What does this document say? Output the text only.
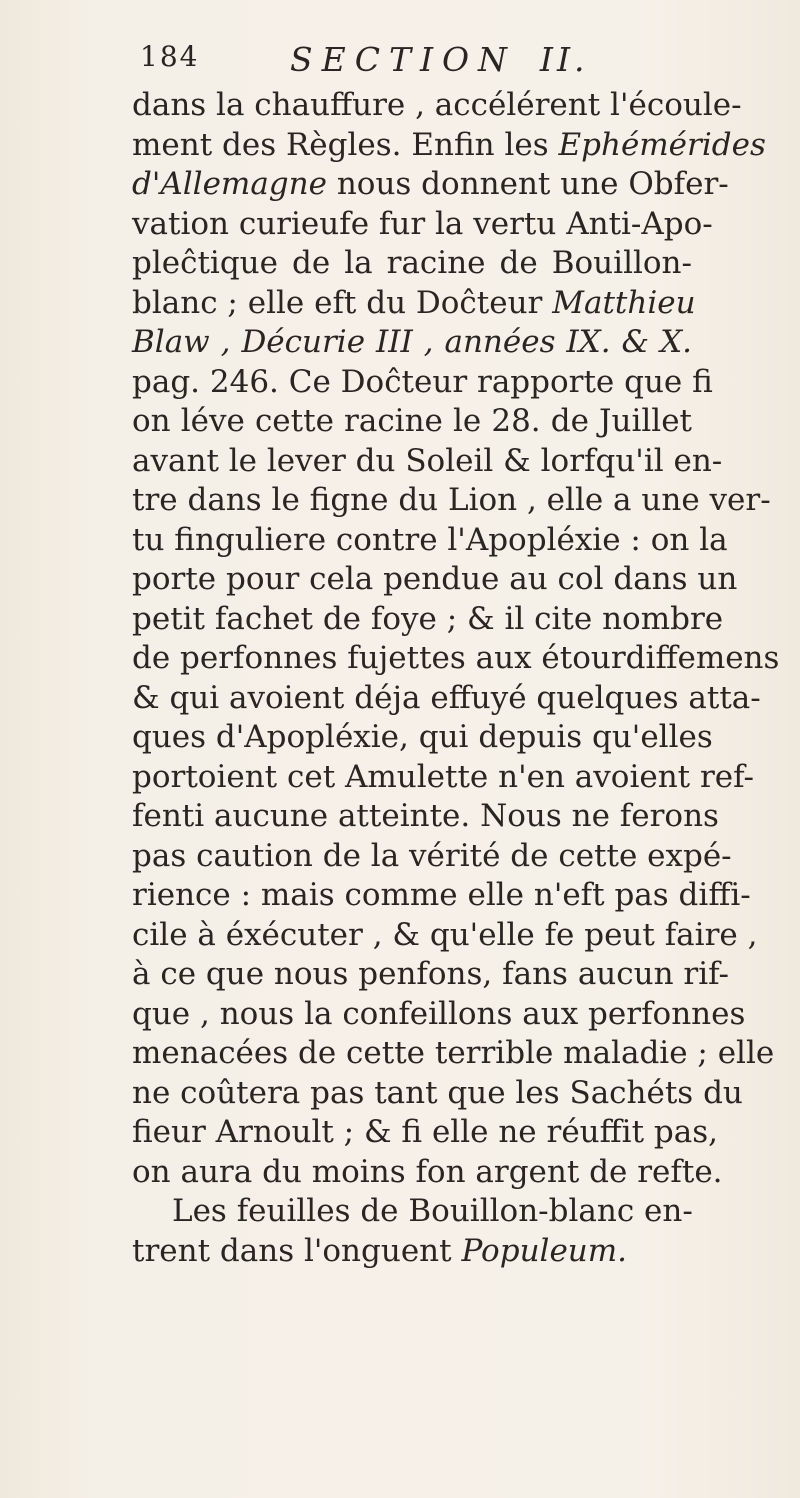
184	SECTION II.
dans la chauffure , accélérent l'écoule-
ment des Règles. Enfin les Ephémérides
d'Allemagne nous donnent une Obfer-
vation curieufe fur la vertu Anti-Apo-
pleĉtique de la racine de Bouillon-
blanc ; elle eft du Doĉteur Matthieu
Blaw , Décurie III , années IX. & X.
pag. 246. Ce Doĉteur rapporte que fi
on léve cette racine le 28. de Juillet
avant le lever du Soleil & lorfqu'il en-
tre dans le figne du Lion , elle a une ver-
tu finguliere contre l'Apopléxie : on la
porte pour cela pendue au col dans un
petit fachet de foye ; & il cite nombre
de perfonnes fujettes aux étourdiffemens
& qui avoient déja effuyé quelques atta-
ques d'Apopléxie, qui depuis qu'elles
portoient cet Amulette n'en avoient ref-
fenti aucune atteinte. Nous ne ferons
pas caution de la vérité de cette expé-
rience : mais comme elle n'eft pas diffi-
cile à éxécuter , & qu'elle fe peut faire ,
à ce que nous penfons, fans aucun rif-
que , nous la confeillons aux perfonnes
menacées de cette terrible maladie ; elle
ne coûtera pas tant que les Sachéts du
fieur Arnoult ; & fi elle ne réuffit pas,
on aura du moins fon argent de refte.
Les feuilles de Bouillon-blanc en-
trent dans l'onguent Populeum.
